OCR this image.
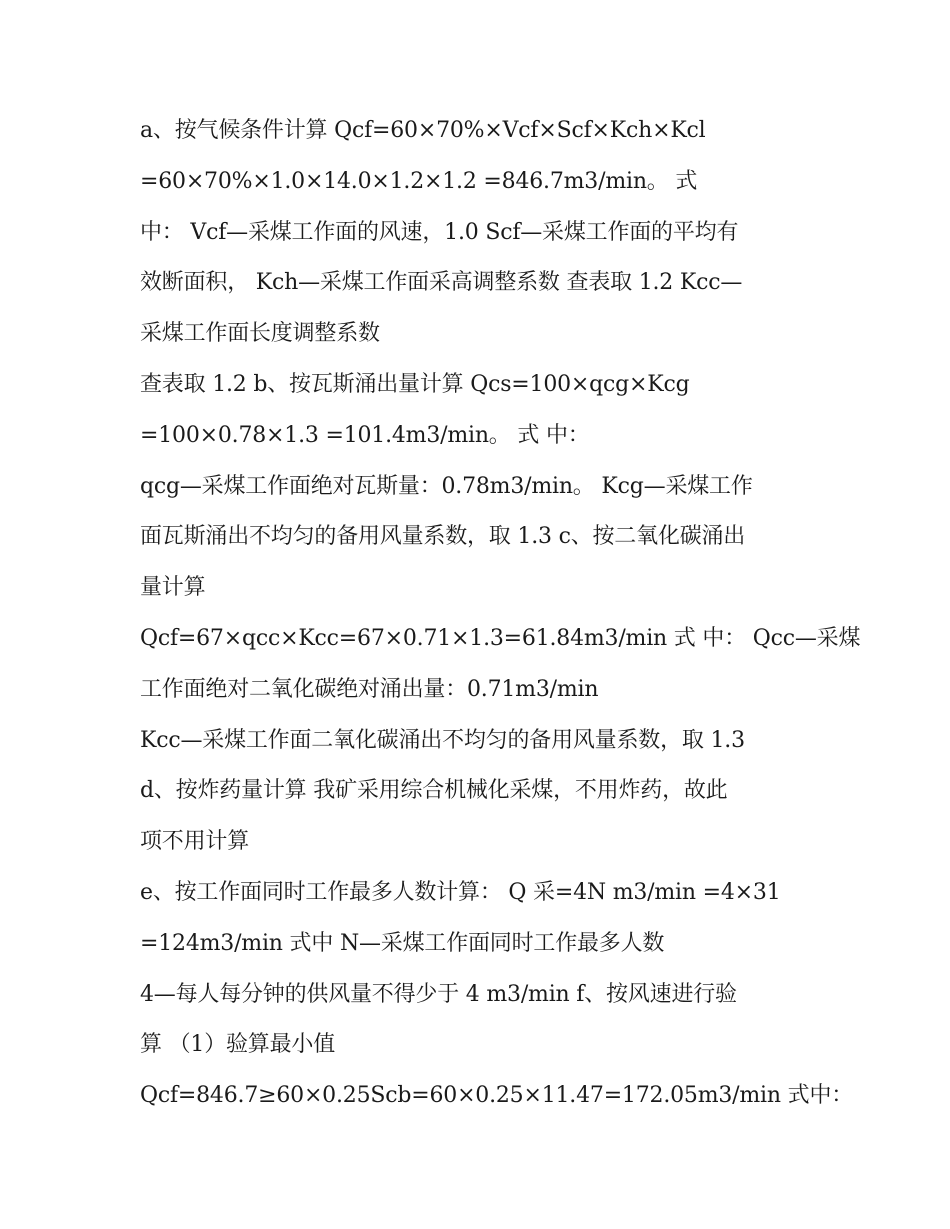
a、按气候条件计算 Qcf=60×70%×Vcf×Scf×Kch×Kcl
=60×70%×1.0×14.0×1.2×1.2 =846.7m3/min。 式
中： Vcf—采煤工作面的风速，1.0 Scf—采煤工作面的平均有
效断面积， Kch—采煤工作面采高调整系数 查表取 1.2 Kcc—
采煤工作面长度调整系数
查表取 1.2 b、按瓦斯涌出量计算 Qcs=100×qcg×Kcg
=100×0.78×1.3 =101.4m3/min。 式 中：
qcg—采煤工作面绝对瓦斯量：0.78m3/min。 Kcg—采煤工作
面瓦斯涌出不均匀的备用风量系数，取 1.3 c、按二氧化碳涌出
量计算
Qcf=67×qcc×Kcc=67×0.71×1.3=61.84m3/min 式 中： Qcc—采煤
工作面绝对二氧化碳绝对涌出量：0.71m3/min
Kcc—采煤工作面二氧化碳涌出不均匀的备用风量系数，取 1.3
d、按炸药量计算 我矿采用综合机械化采煤，不用炸药，故此
项不用计算
e、按工作面同时工作最多人数计算： Q 采=4N m3/min =4×31
=124m3/min 式中 N—采煤工作面同时工作最多人数
4—每人每分钟的供风量不得少于 4 m3/min f、按风速进行验
算 （1）验算最小值
Qcf=846.7≥60×0.25Scb=60×0.25×11.47=172.05m3/min 式中：
